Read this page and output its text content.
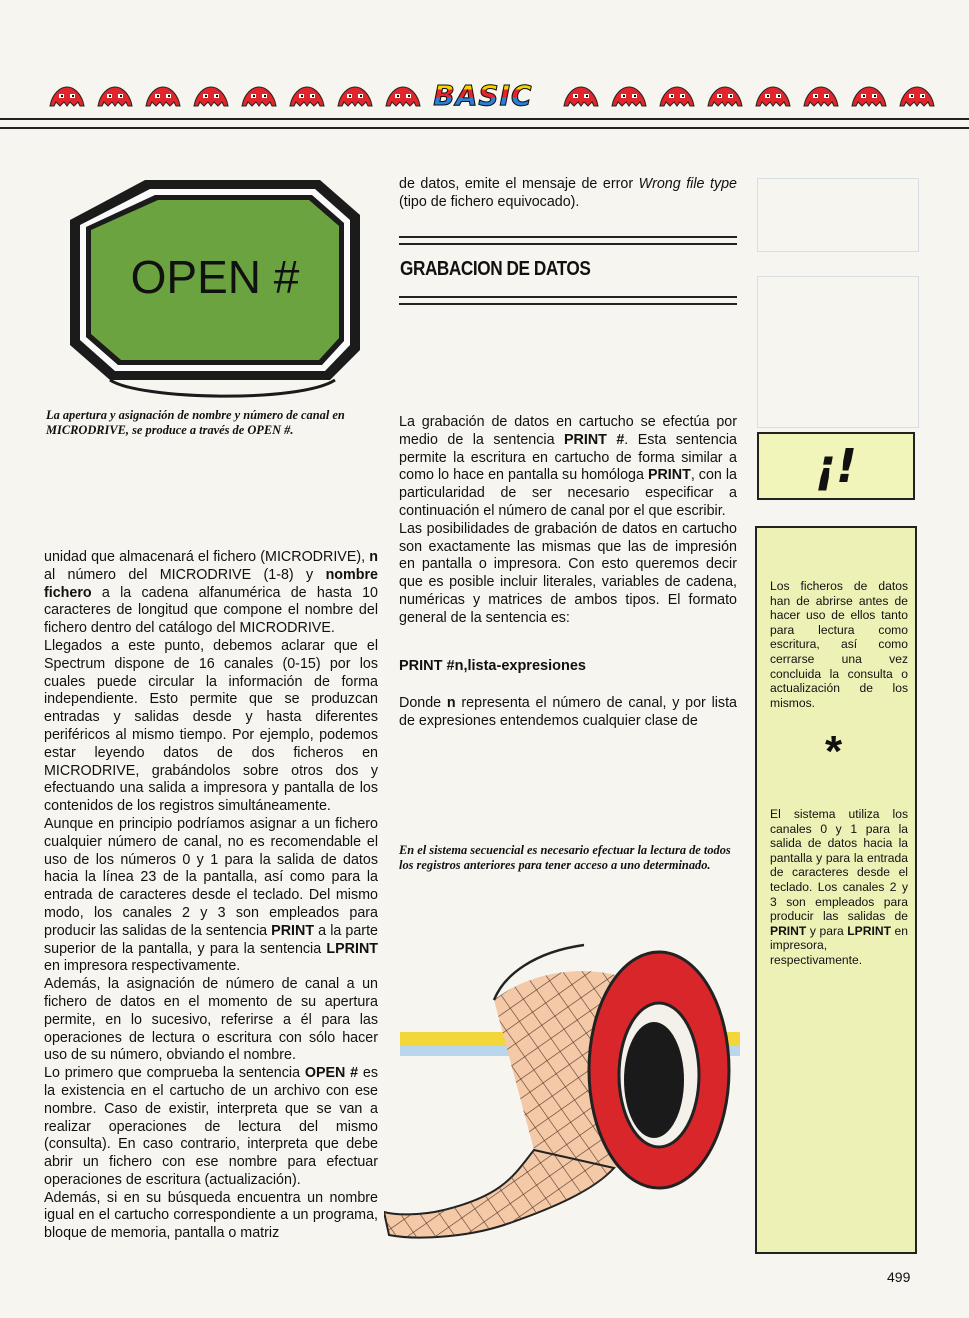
BASIC
OPEN #
La apertura y asignación de nombre y número de canal en MICRODRIVE, se produce a través de OPEN #.

unidad que almacenará el fichero (MICRODRIVE), n al número del MICRODRIVE (1-8) y nombre fichero a la cadena alfanumérica de hasta 10 caracteres de longitud que compone el nombre del fichero dentro del catálogo del MICRODRIVE.

Llegados a este punto, debemos aclarar que el Spectrum dispone de 16 canales (0-15) por los cuales puede circular la información de forma independiente. Esto permite que se produzcan entradas y salidas desde y hasta diferentes periféricos al mismo tiempo. Por ejemplo, podemos estar leyendo datos de dos ficheros en MICRODRIVE, grabándolos sobre otros dos y efectuando una salida a impresora y pantalla de los contenidos de los registros simultáneamente.

Aunque en principio podríamos asignar a un fichero cualquier número de canal, no es recomendable el uso de los números 0 y 1 para la salida de datos hacia la línea 23 de la pantalla, así como para la entrada de caracteres desde el teclado. Del mismo modo, los canales 2 y 3 son empleados para producir las salidas de la sentencia PRINT a la parte superior de la pantalla, y para la sentencia LPRINT en impresora respectivamente.

Además, la asignación de número de canal a un fichero de datos en el momento de su apertura permite, en lo sucesivo, referirse a él para las operaciones de lectura o escritura con sólo hacer uso de su número, obviando el nombre.

Lo primero que comprueba la sentencia OPEN # es la existencia en el cartucho de un archivo con ese nombre. Caso de existir, interpreta que se van a realizar operaciones de lectura del mismo (consulta). En caso contrario, interpreta que debe abrir un fichero con ese nombre para efectuar operaciones de escritura (actualización).

Además, si en su búsqueda encuentra un nombre igual en el cartucho correspondiente a un programa, bloque de memoria, pantalla o matriz

de datos, emite el mensaje de error Wrong file type (tipo de fichero equivocado).

GRABACION DE DATOS

La grabación de datos en cartucho se efectúa por medio de la sentencia PRINT #. Esta sentencia permite la escritura en cartucho de forma similar a como lo hace en pantalla su homóloga PRINT, con la particularidad de ser necesario especificar a continuación el número de canal por el que escribir.

Las posibilidades de grabación de datos en cartucho son exactamente las mismas que las de impresión en pantalla o impresora. Con esto queremos decir que es posible incluir literales, variables de cadena, numéricas y matrices de ambos tipos. El formato general de la sentencia es:

PRINT #n,lista-expresiones

Donde n representa el número de canal, y por lista de expresiones entendemos cualquier clase de

En el sistema secuencial es necesario efectuar la lectura de todos los registros anteriores para tener acceso a uno determinado.
¡!
Los ficheros de datos han de abrirse antes de hacer uso de ellos tanto para lectura como escritura, así como cerrarse una vez concluida la consulta o actualización de los mismos.
*

El sistema utiliza los canales 0 y 1 para la salida de datos hacia la pantalla y para la entrada de caracteres desde el teclado. Los canales 2 y 3 son empleados para producir las salidas de PRINT y para LPRINT en impresora, respectivamente.

499
